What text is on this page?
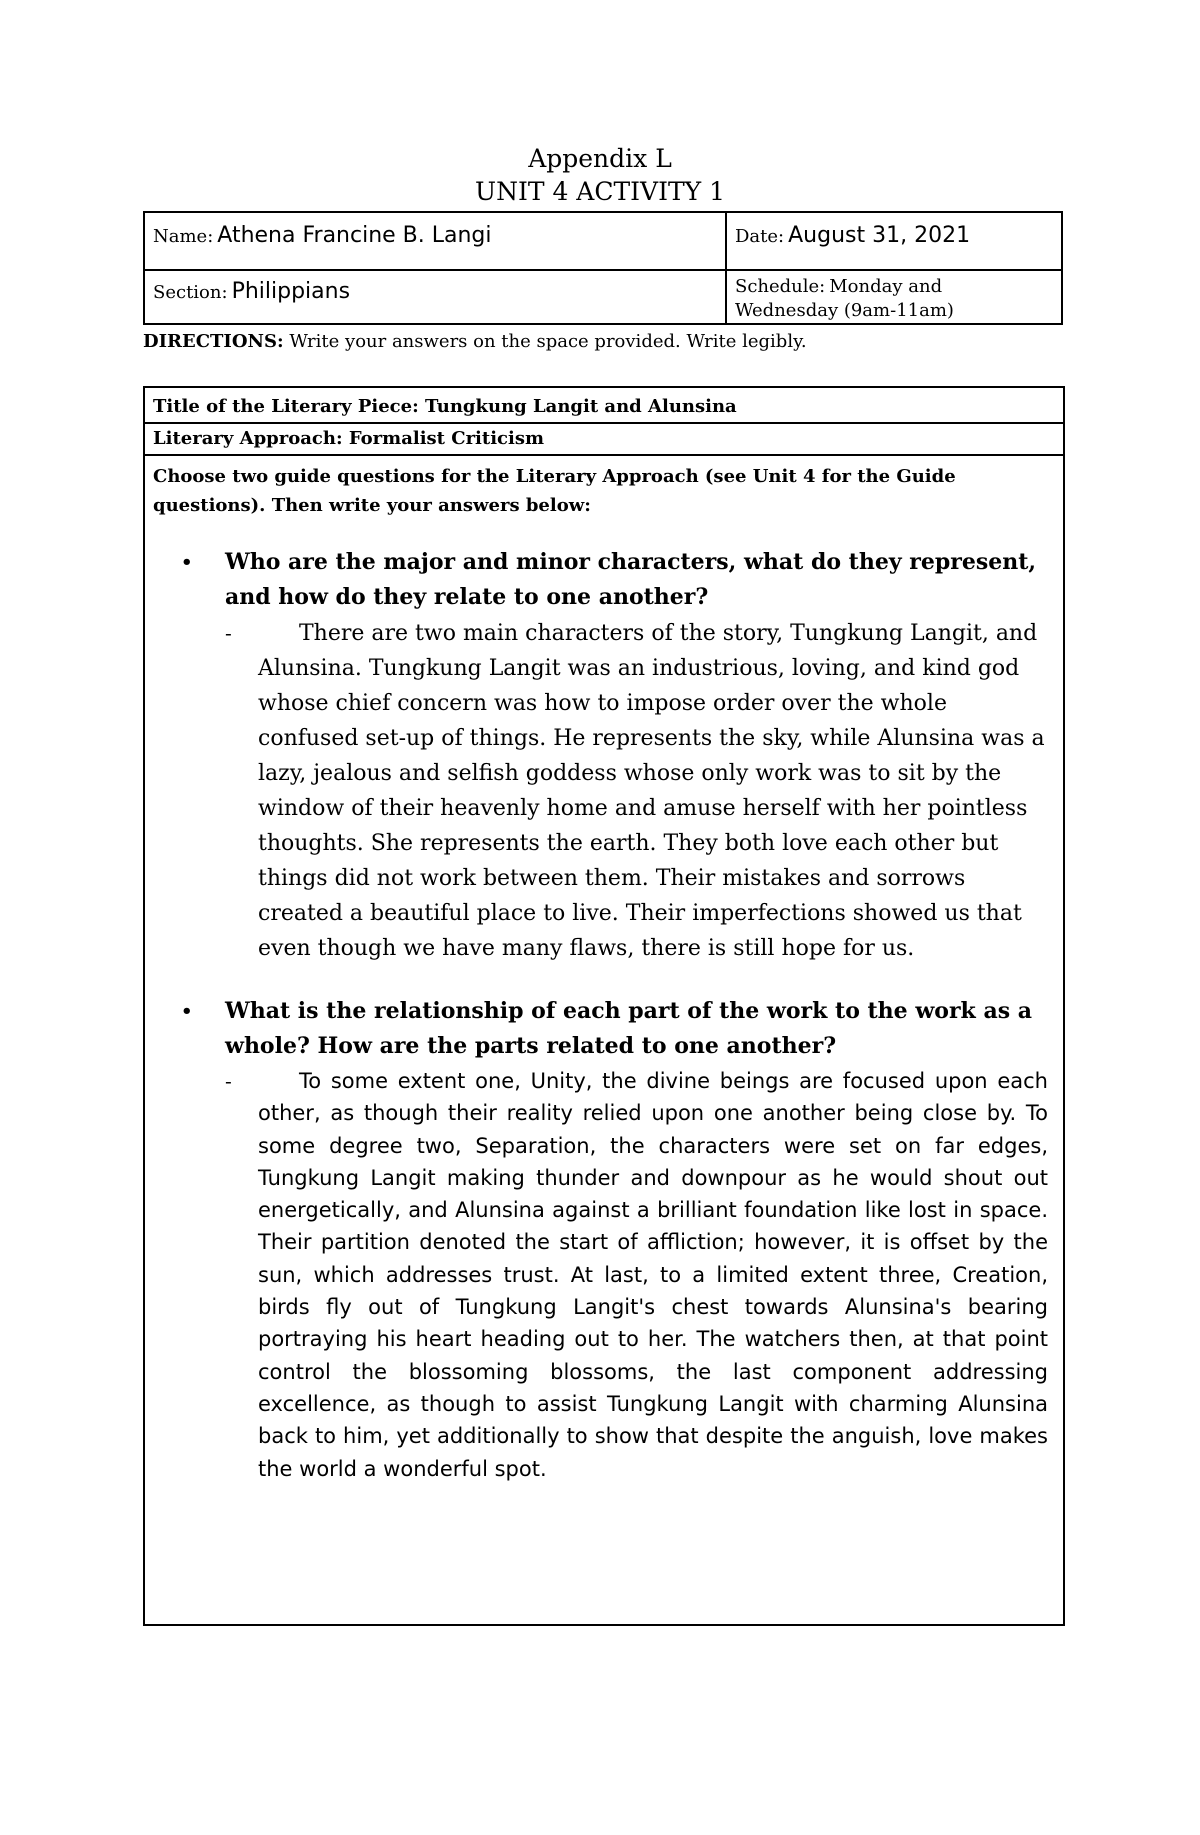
Appendix L
UNIT 4 ACTIVITY 1
Name: Athena Francine B. Langi	Date: August 31, 2021
Section: Philippians	Schedule: Monday and
Wednesday (9am-11am)
DIRECTIONS: Write your answers on the space provided. Write legibly.
Title of the Literary Piece: Tungkung Langit and Alunsina
Literary Approach: Formalist Criticism
Choose two guide questions for the Literary Approach (see Unit 4 for the Guide questions). Then write your answers below:
• Who are the major and minor characters, what do they represent, and how do they relate to one another?
-	There are two main characters of the story, Tungkung Langit, and Alunsina. Tungkung Langit was an industrious, loving, and kind god whose chief concern was how to impose order over the whole confused set-up of things. He represents the sky, while Alunsina was a lazy, jealous and selfish goddess whose only work was to sit by the window of their heavenly home and amuse herself with her pointless thoughts. She represents the earth. They both love each other but things did not work between them. Their mistakes and sorrows created a beautiful place to live. Their imperfections showed us that even though we have many flaws, there is still hope for us.
• What is the relationship of each part of the work to the work as a whole? How are the parts related to one another?
-	To some extent one, Unity, the divine beings are focused upon each other, as though their reality relied upon one another being close by. To some degree two, Separation, the characters were set on far edges, Tungkung Langit making thunder and downpour as he would shout out energetically, and Alunsina against a brilliant foundation like lost in space. Their partition denoted the start of affliction; however, it is offset by the sun, which addresses trust. At last, to a limited extent three, Creation, birds fly out of Tungkung Langit's chest towards Alunsina's bearing portraying his heart heading out to her. The watchers then, at that point control the blossoming blossoms, the last component addressing excellence, as though to assist Tungkung Langit with charming Alunsina back to him, yet additionally to show that despite the anguish, love makes the world a wonderful spot.
